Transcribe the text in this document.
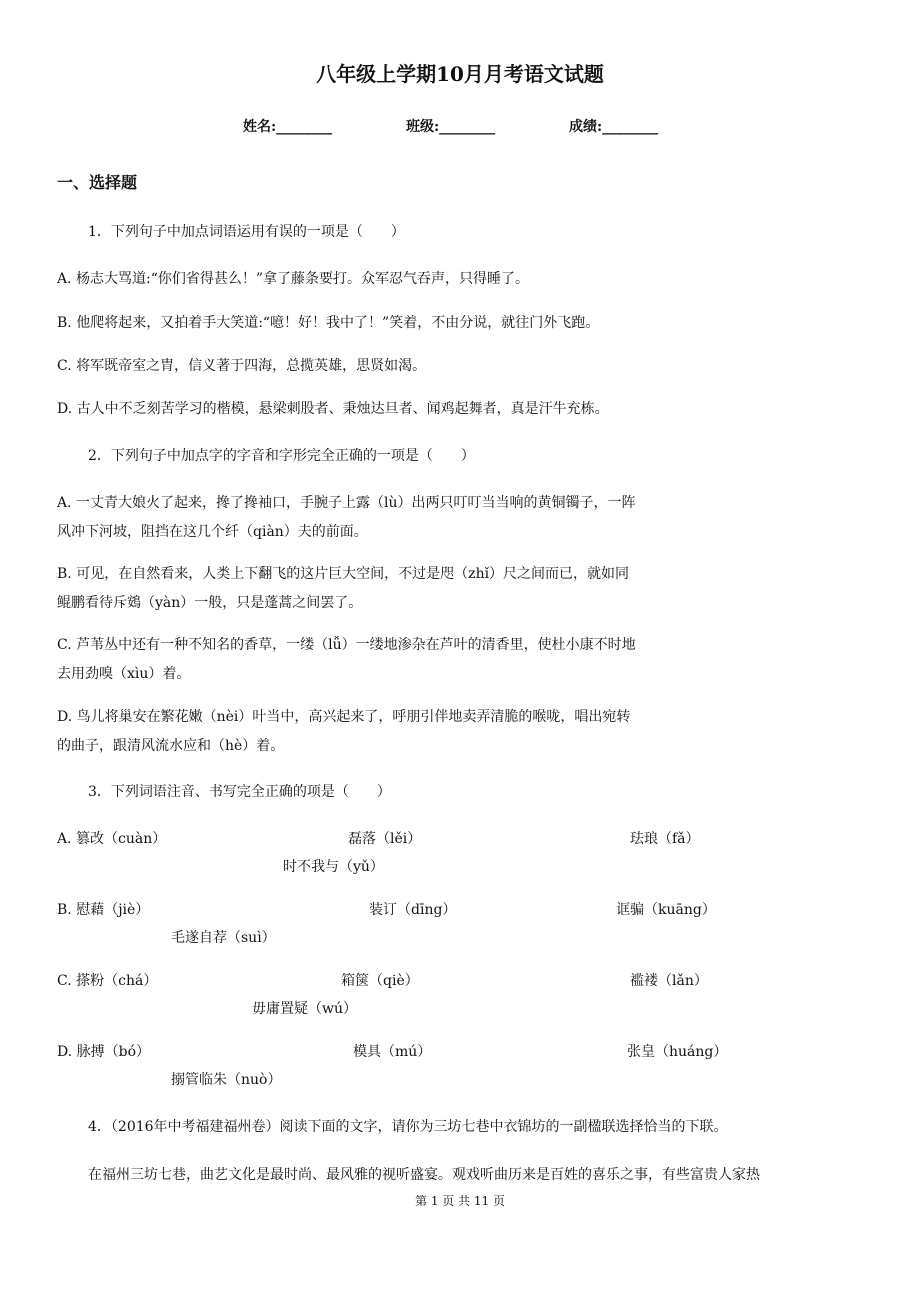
八年级上学期10月月考语文试题
姓名:________	班级:________	成绩:________
一、选择题
1．下列句子中加点词语运用有误的一项是（　　）
A. 杨志大骂道:“你们省得甚么！”拿了藤条要打。众军忍气吞声，只得睡了。
B. 他爬将起来，又拍着手大笑道:“噫！好！我中了！”笑着，不由分说，就往门外飞跑。
C. 将军既帝室之胄，信义著于四海，总揽英雄，思贤如渴。
D. 古人中不乏刻苦学习的楷模，悬梁刺股者、秉烛达旦者、闻鸡起舞者，真是汗牛充栋。
2．下列句子中加点字的字音和字形完全正确的一项是（　　）
A. 一丈青大娘火了起来，搀了搀袖口，手腕子上露（lù）出两只叮叮当当响的黄铜镯子，一阵
风冲下河坡，阻挡在这几个纤（qiàn）夫的前面。
B. 可见，在自然看来，人类上下翻飞的这片巨大空间，不过是咫（zhǐ）尺之间而已，就如同
鲲鹏看待斥鴳（yàn）一般，只是蓬蒿之间罢了。
C. 芦苇丛中还有一种不知名的香草，一缕（lǚ）一缕地渗杂在芦叶的清香里，使杜小康不时地
去用劲嗅（xìu）着。
D. 鸟儿将巢安在繁花嫩（nèi）叶当中，高兴起来了，呼朋引伴地卖弄清脆的喉咙，唱出宛转
的曲子，跟清风流水应和（hè）着。
3．下列词语注音、书写完全正确的项是（　　）
A. 篡改（cuàn）	磊落（lěi）	珐琅（fǎ）
时不我与（yǔ）
B. 慰藉（jiè）	装订（dīng）	诓骗（kuāng）
毛遂自荐（suì）
C. 搽粉（chá）	箱箧（qiè）	褴褛（lǎn）
毋庸置疑（wú）
D. 脉搏（bó）	模具（mú）	张皇（huáng）
搦管临朱（nuò）
4．（2016年中考福建福州卷）阅读下面的文字，请你为三坊七巷中衣锦坊的一副楹联选择恰当的下联。
在福州三坊七巷，曲艺文化是最时尚、最风雅的视听盛宴。观戏听曲历来是百姓的喜乐之事，有些富贵人家热
第 1 页 共 11 页
